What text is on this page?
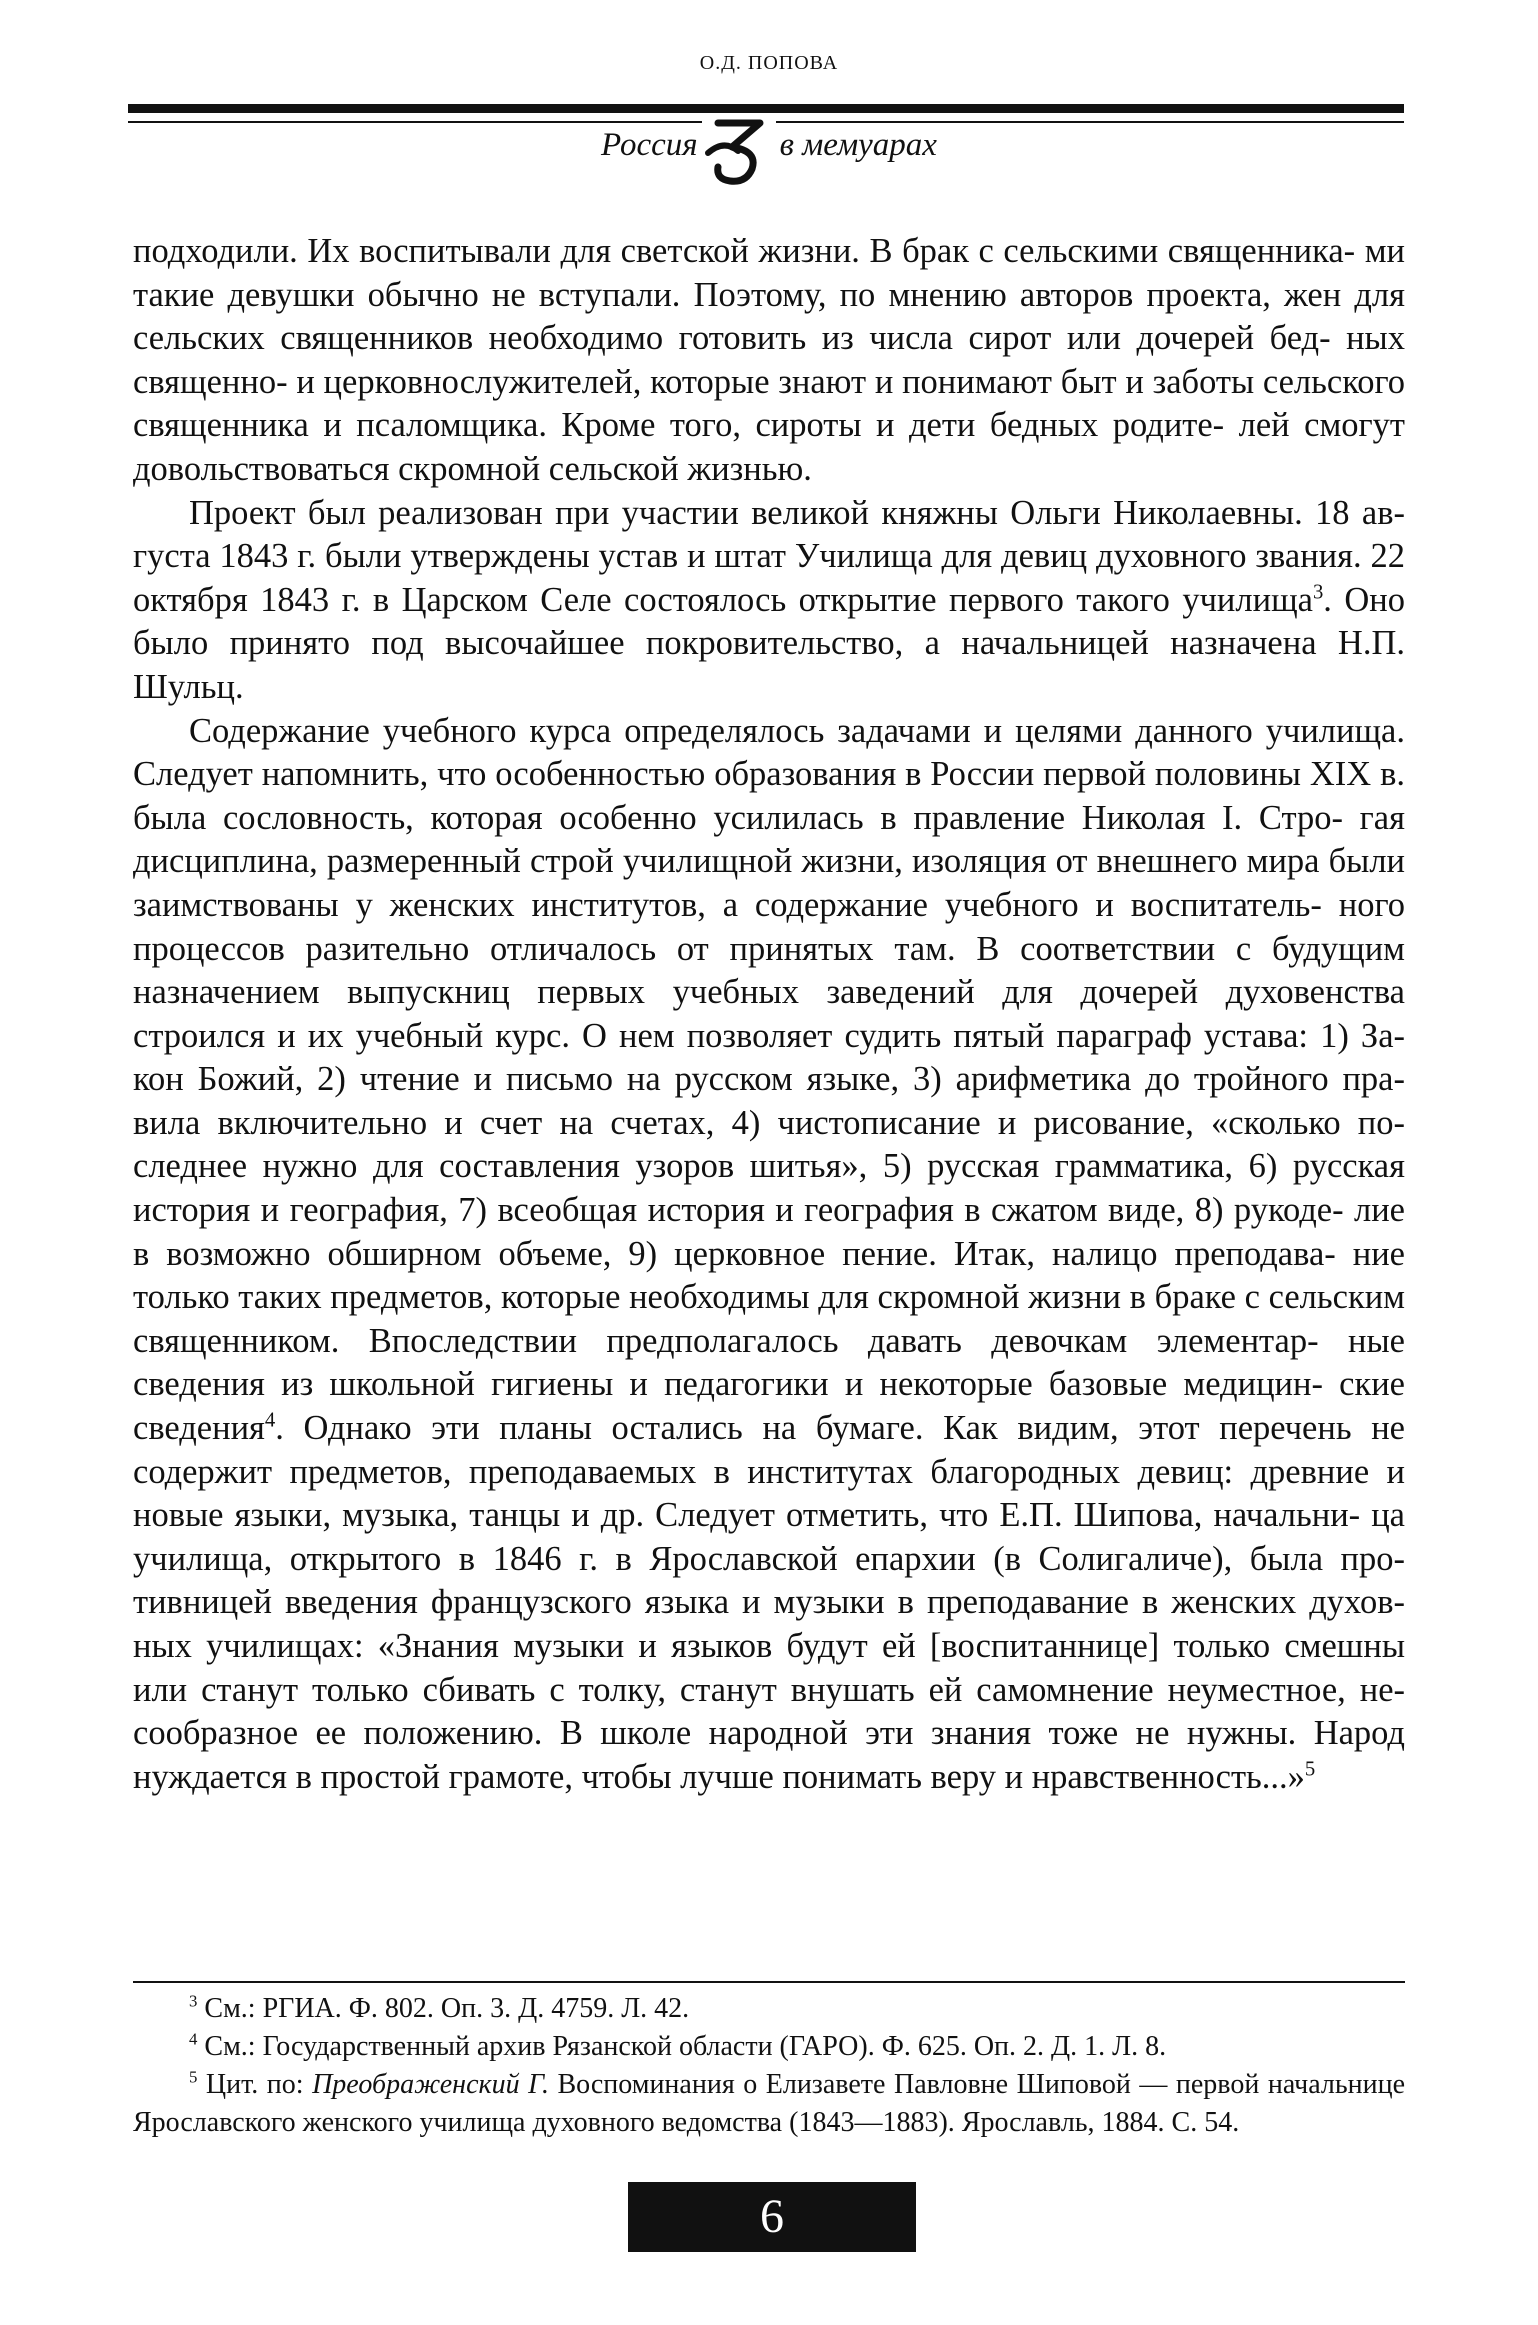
О.Д. ПОПОВА
Россия в мемуарах

подходили. Их воспитывали для светской жизни. В брак с сельскими священника- ми такие девушки обычно не вступали. Поэтому, по мнению авторов проекта, жен для сельских священников необходимо готовить из числа сирот или дочерей бед- ных священно- и церковнослужителей, которые знают и понимают быт и заботы сельского священника и псаломщика. Кроме того, сироты и дети бедных родите- лей смогут довольствоваться скромной сельской жизнью.

Проект был реализован при участии великой княжны Ольги Николаевны. 18 ав- густа 1843 г. были утверждены устав и штат Училища для девиц духовного звания. 22 октября 1843 г. в Царском Селе состоялось открытие первого такого училища$^3$. Оно было принято под высочайшее покровительство, а начальницей назначена Н.П. Шульц.

Содержание учебного курса определялось задачами и целями данного училища. Следует напомнить, что особенностью образования в России первой половины XIX в. была сословность, которая особенно усилилась в правление Николая I. Стро- гая дисциплина, размеренный строй училищной жизни, изоляция от внешнего мира были заимствованы у женских институтов, а содержание учебного и воспитатель- ного процессов разительно отличалось от принятых там. В соответствии с будущим назначением выпускниц первых учебных заведений для дочерей духовенства строился и их учебный курс. О нем позволяет судить пятый параграф устава: 1) За- кон Божий, 2) чтение и письмо на русском языке, 3) арифметика до тройного пра- вила включительно и счет на счетах, 4) чистописание и рисование, «сколько по- следнее нужно для составления узоров шитья», 5) русская грамматика, 6) русская история и география, 7) всеобщая история и география в сжатом виде, 8) рукоде- лие в возможно обширном объеме, 9) церковное пение. Итак, налицо преподава- ние только таких предметов, которые необходимы для скромной жизни в браке с сельским священником. Впоследствии предполагалось давать девочкам элементар- ные сведения из школьной гигиены и педагогики и некоторые базовые медицин- ские сведения$^4$. Однако эти планы остались на бумаге. Как видим, этот перечень не содержит предметов, преподаваемых в институтах благородных девиц: древние и новые языки, музыка, танцы и др. Следует отметить, что Е.П. Шипова, начальни- ца училища, открытого в 1846 г. в Ярославской епархии (в Солигаличе), была про- тивницей введения французского языка и музыки в преподавание в женских духов- ных училищах: «Знания музыки и языков будут ей [воспитаннице] только смешны или станут только сбивать с толку, станут внушать ей самомнение неуместное, не- сообразное ее положению. В школе народной эти знания тоже не нужны. Народ нуждается в простой грамоте, чтобы лучше понимать веру и нравственность...»$^5$

$^3$ См.: РГИА. Ф. 802. Оп. 3. Д. 4759. Л. 42.

$^4$ См.: Государственный архив Рязанской области (ГАРО). Ф. 625. Оп. 2. Д. 1. Л. 8.

$^5$ Цит. по: Преображенский Г. Воспоминания о Елизавете Павловне Шиповой — первой начальнице Ярославского женского училища духовного ведомства (1843—1883). Ярославль, 1884. С. 54.

6
